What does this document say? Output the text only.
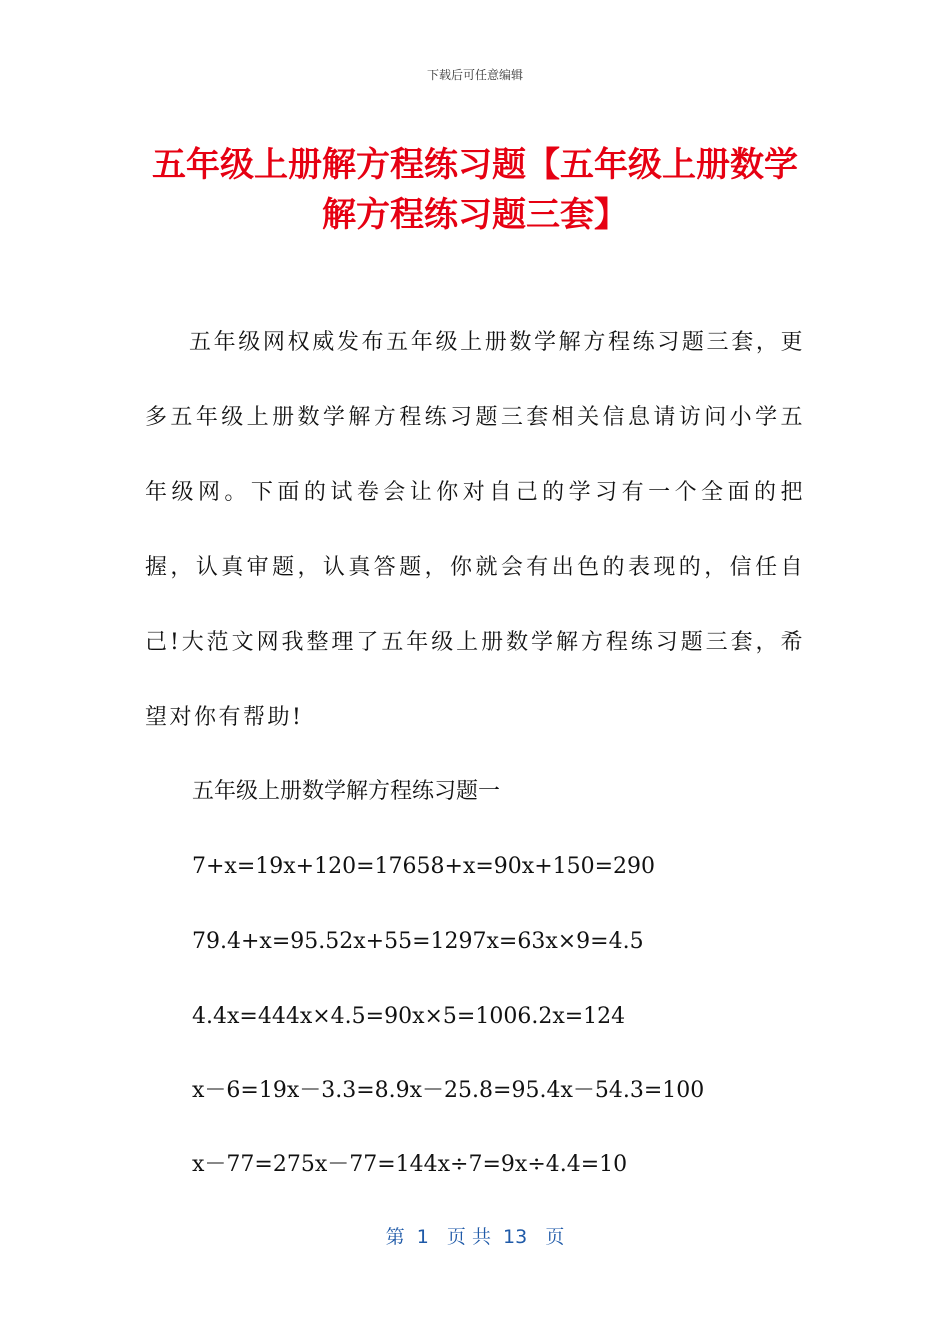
下载后可任意编辑
五年级上册解方程练习题【五年级上册数学
解方程练习题三套】
五年级网权威发布五年级上册数学解方程练习题三套，更多五年级上册数学解方程练习题三套相关信息请访问小学五年级网。下面的试卷会让你对自己的学习有一个全面的把握，认真审题，认真答题，你就会有出色的表现的，信任自己!大范文网我整理了五年级上册数学解方程练习题三套，希望对你有帮助!
五年级上册数学解方程练习题一
7+x=19x+120=17658+x=90x+150=290
79.4+x=95.52x+55=1297x=63x×9=4.5
4.4x=444x×4.5=90x×5=1006.2x=124
x－6=19x－3.3=8.9x－25.8=95.4x－54.3=100
x－77=275x－77=144x÷7=9x÷4.4=10
第  1   页 共  13   页
